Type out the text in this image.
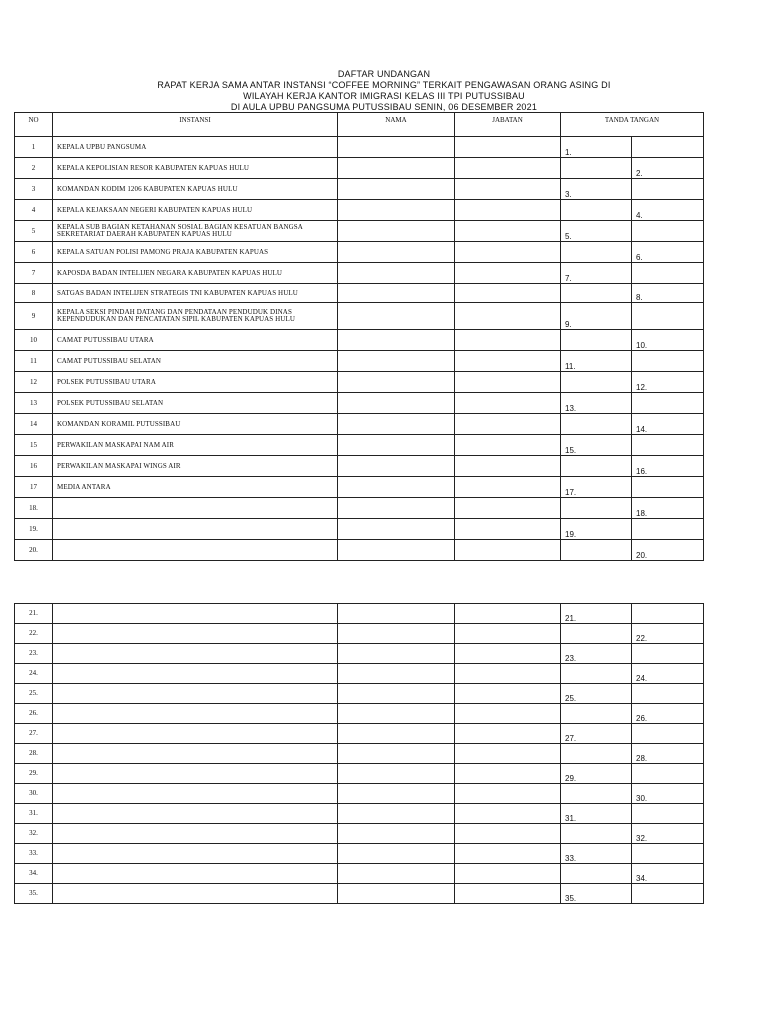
DAFTAR UNDANGAN
RAPAT KERJA SAMA ANTAR INSTANSI “COFFEE MORNING” TERKAIT PENGAWASAN ORANG ASING DI
WILAYAH KERJA KANTOR IMIGRASI KELAS III TPI PUTUSSIBAU
DI AULA UPBU PANGSUMA PUTUSSIBAU SENIN, 06 DESEMBER 2021
NO	INSTANSI	NAMA	JABATAN	TANDA TANGAN	
1	KEPALA UPBU PANGSUMA			1.	
2	KEPALA KEPOLISIAN RESOR KABUPATEN KAPUAS HULU				2.
3	KOMANDAN KODIM 1206 KABUPATEN KAPUAS HULU			3.	
4	KEPALA KEJAKSAAN NEGERI KABUPATEN KAPUAS HULU				4.
5	KEPALA SUB BAGIAN KETAHANAN SOSIAL BAGIAN KESATUAN BANGSA SEKRETARIAT DAERAH KABUPATEN KAPUAS HULU			5.	
6	KEPALA SATUAN POLISI PAMONG PRAJA KABUPATEN KAPUAS				6.
7	KAPOSDA BADAN INTELIJEN NEGARA KABUPATEN KAPUAS HULU			7.	
8	SATGAS BADAN INTELIJEN STRATEGIS TNI KABUPATEN KAPUAS HULU				8.
9	KEPALA SEKSI PINDAH DATANG DAN PENDATAAN PENDUDUK DINAS KEPENDUDUKAN DAN PENCATATAN SIPIL KABUPATEN KAPUAS HULU			9.	
10	CAMAT PUTUSSIBAU UTARA				10.
11	CAMAT PUTUSSIBAU SELATAN			11.	
12	POLSEK PUTUSSIBAU UTARA				12.
13	POLSEK PUTUSSIBAU SELATAN			13.	
14	KOMANDAN KORAMIL PUTUSSIBAU				14.
15	PERWAKILAN MASKAPAI NAM AIR			15.	
16	PERWAKILAN MASKAPAI WINGS AIR				16.
17	MEDIA ANTARA			17.	
18.					18.
19.				19.	
20.					20.
21.				21.	
22.					22.
23.				23.	
24.					24.
25.				25.	
26.					26.
27.				27.	
28.					28.
29.				29.	
30.					30.
31.				31.	
32.					32.
33.				33.	
34.					34.
35.				35.	
